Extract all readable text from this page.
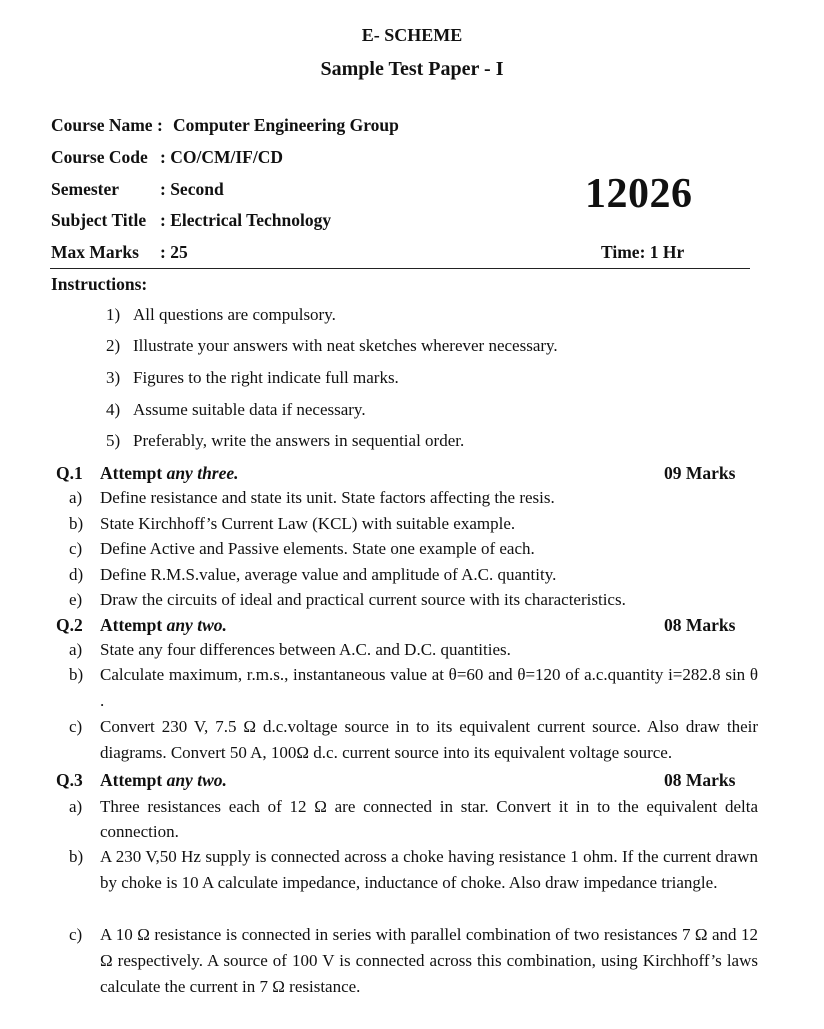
E- SCHEME
Sample Test Paper - I
Course Name : Computer Engineering Group
Course Code : CO/CM/IF/CD
Semester : Second
Subject Title : Electrical Technology
Max Marks : 25
12026
Time: 1 Hr
Instructions:
1) All questions are compulsory.
2) Illustrate your answers with neat sketches wherever necessary.
3) Figures to the right indicate full marks.
4) Assume suitable data if necessary.
5) Preferably, write the answers in sequential order.
Q.1 Attempt any three.	09 Marks
a) Define resistance and state its unit. State factors affecting the resis.
b) State Kirchhoff’s Current Law (KCL) with suitable example.
c) Define Active and Passive elements. State one example of each.
d) Define R.M.S.value, average value and amplitude of A.C. quantity.
e) Draw the circuits of ideal and practical current source with its characteristics.
Q.2 Attempt any two.	08 Marks
a) State any four differences between A.C. and D.C. quantities.
b) Calculate maximum, r.m.s., instantaneous value at θ=60 and θ=120 of a.c.quantity i=282.8 sin θ .
c) Convert 230 V, 7.5 Ω d.c.voltage source in to its equivalent current source. Also draw their diagrams. Convert 50 A, 100Ω d.c. current source into its equivalent voltage source.
Q.3 Attempt any two.	08 Marks
a) Three resistances each of 12 Ω are connected in star. Convert it in to the equivalent delta connection.
b) A 230 V,50 Hz supply is connected across a choke having resistance 1 ohm. If the current drawn by choke is 10 A calculate impedance, inductance of choke. Also draw impedance triangle.
c) A 10 Ω resistance is connected in series with parallel combination of two resistances 7 Ω and 12 Ω respectively. A source of 100 V is connected across this combination, using Kirchhoff’s laws calculate the current in 7 Ω resistance.
